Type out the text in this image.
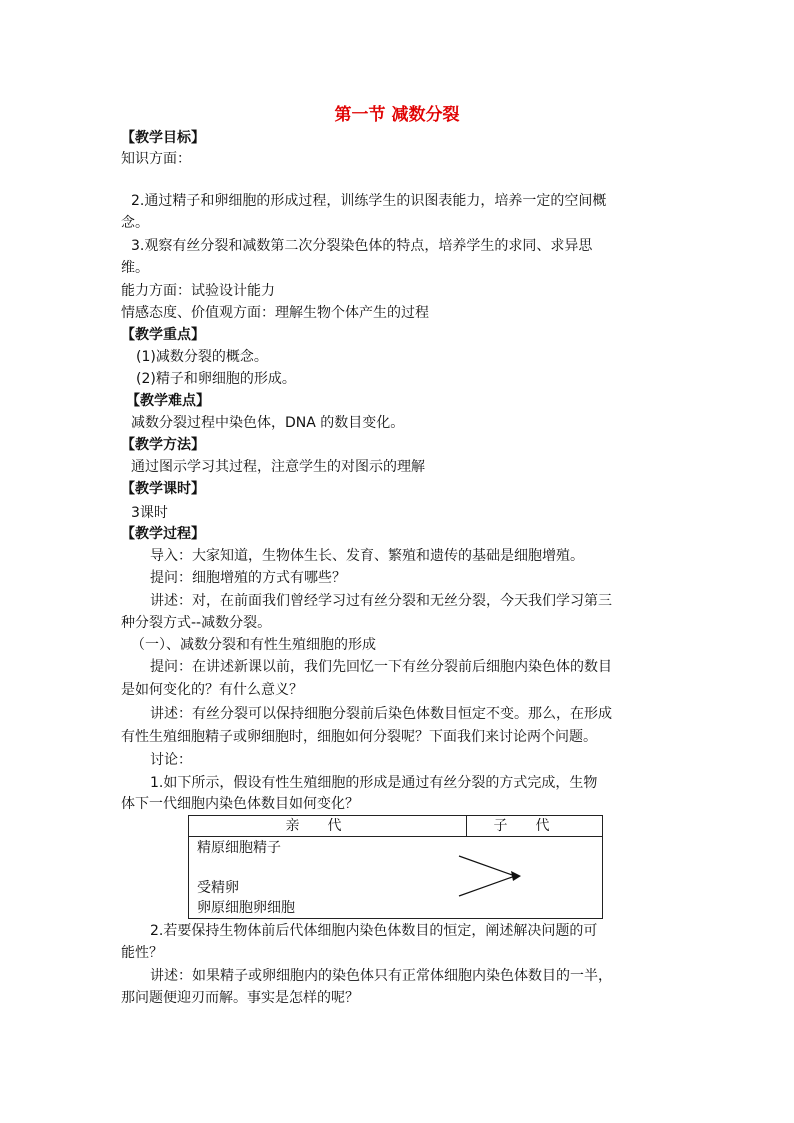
第一节 减数分裂
【教学目标】
知识方面：
2.通过精子和卵细胞的形成过程，训练学生的识图表能力，培养一定的空间概
念。
3.观察有丝分裂和减数第二次分裂染色体的特点，培养学生的求同、求异思
维。
能力方面：试验设计能力
情感态度、价值观方面：理解生物个体产生的过程
【教学重点】
(1)减数分裂的概念。
(2)精子和卵细胞的形成。
【教学难点】
减数分裂过程中染色体，DNA 的数目变化。
【教学方法】
通过图示学习其过程，注意学生的对图示的理解
【教学课时】
3课时
【教学过程】
导入：大家知道，生物体生长、发育、繁殖和遗传的基础是细胞增殖。
提问：细胞增殖的方式有哪些？
讲述：对，在前面我们曾经学习过有丝分裂和无丝分裂，今天我们学习第三
种分裂方式--减数分裂。
（一）、减数分裂和有性生殖细胞的形成
提问：在讲述新课以前，我们先回忆一下有丝分裂前后细胞内染色体的数目
是如何变化的？有什么意义？
讲述：有丝分裂可以保持细胞分裂前后染色体数目恒定不变。那么，在形成
有性生殖细胞精子或卵细胞时，细胞如何分裂呢？下面我们来讨论两个问题。
讨论：
1.如下所示，假设有性生殖细胞的形成是通过有丝分裂的方式完成，生物
体下一代细胞内染色体数目如何变化？
亲代	子代
精原细胞精子
受精卵
卵原细胞卵细胞
2.若要保持生物体前后代体细胞内染色体数目的恒定，阐述解决问题的可
能性？
讲述：如果精子或卵细胞内的染色体只有正常体细胞内染色体数目的一半，
那问题便迎刃而解。事实是怎样的呢？
